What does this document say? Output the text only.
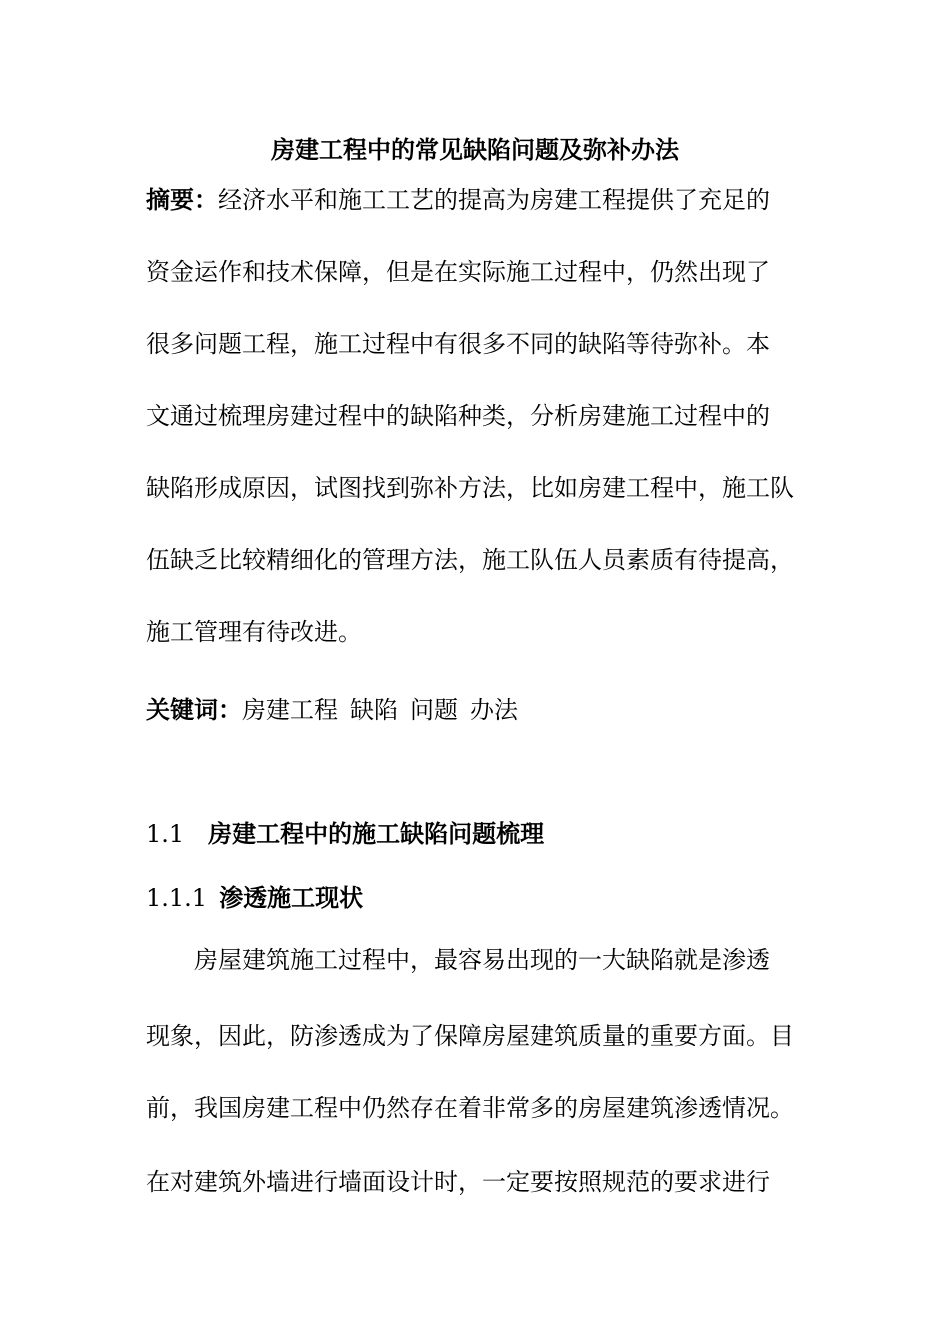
房建工程中的常见缺陷问题及弥补办法
摘要：经济水平和施工工艺的提高为房建工程提供了充足的
资金运作和技术保障，但是在实际施工过程中，仍然出现了
很多问题工程，施工过程中有很多不同的缺陷等待弥补。本
文通过梳理房建过程中的缺陷种类，分析房建施工过程中的
缺陷形成原因，试图找到弥补方法，比如房建工程中，施工队
伍缺乏比较精细化的管理方法，施工队伍人员素质有待提高，
施工管理有待改进。
关键词：房建工程 缺陷 问题 办法
1.1 房建工程中的施工缺陷问题梳理
1.1.1 渗透施工现状
房屋建筑施工过程中，最容易出现的一大缺陷就是渗透
现象，因此，防渗透成为了保障房屋建筑质量的重要方面。目
前，我国房建工程中仍然存在着非常多的房屋建筑渗透情况。
在对建筑外墙进行墙面设计时，一定要按照规范的要求进行
